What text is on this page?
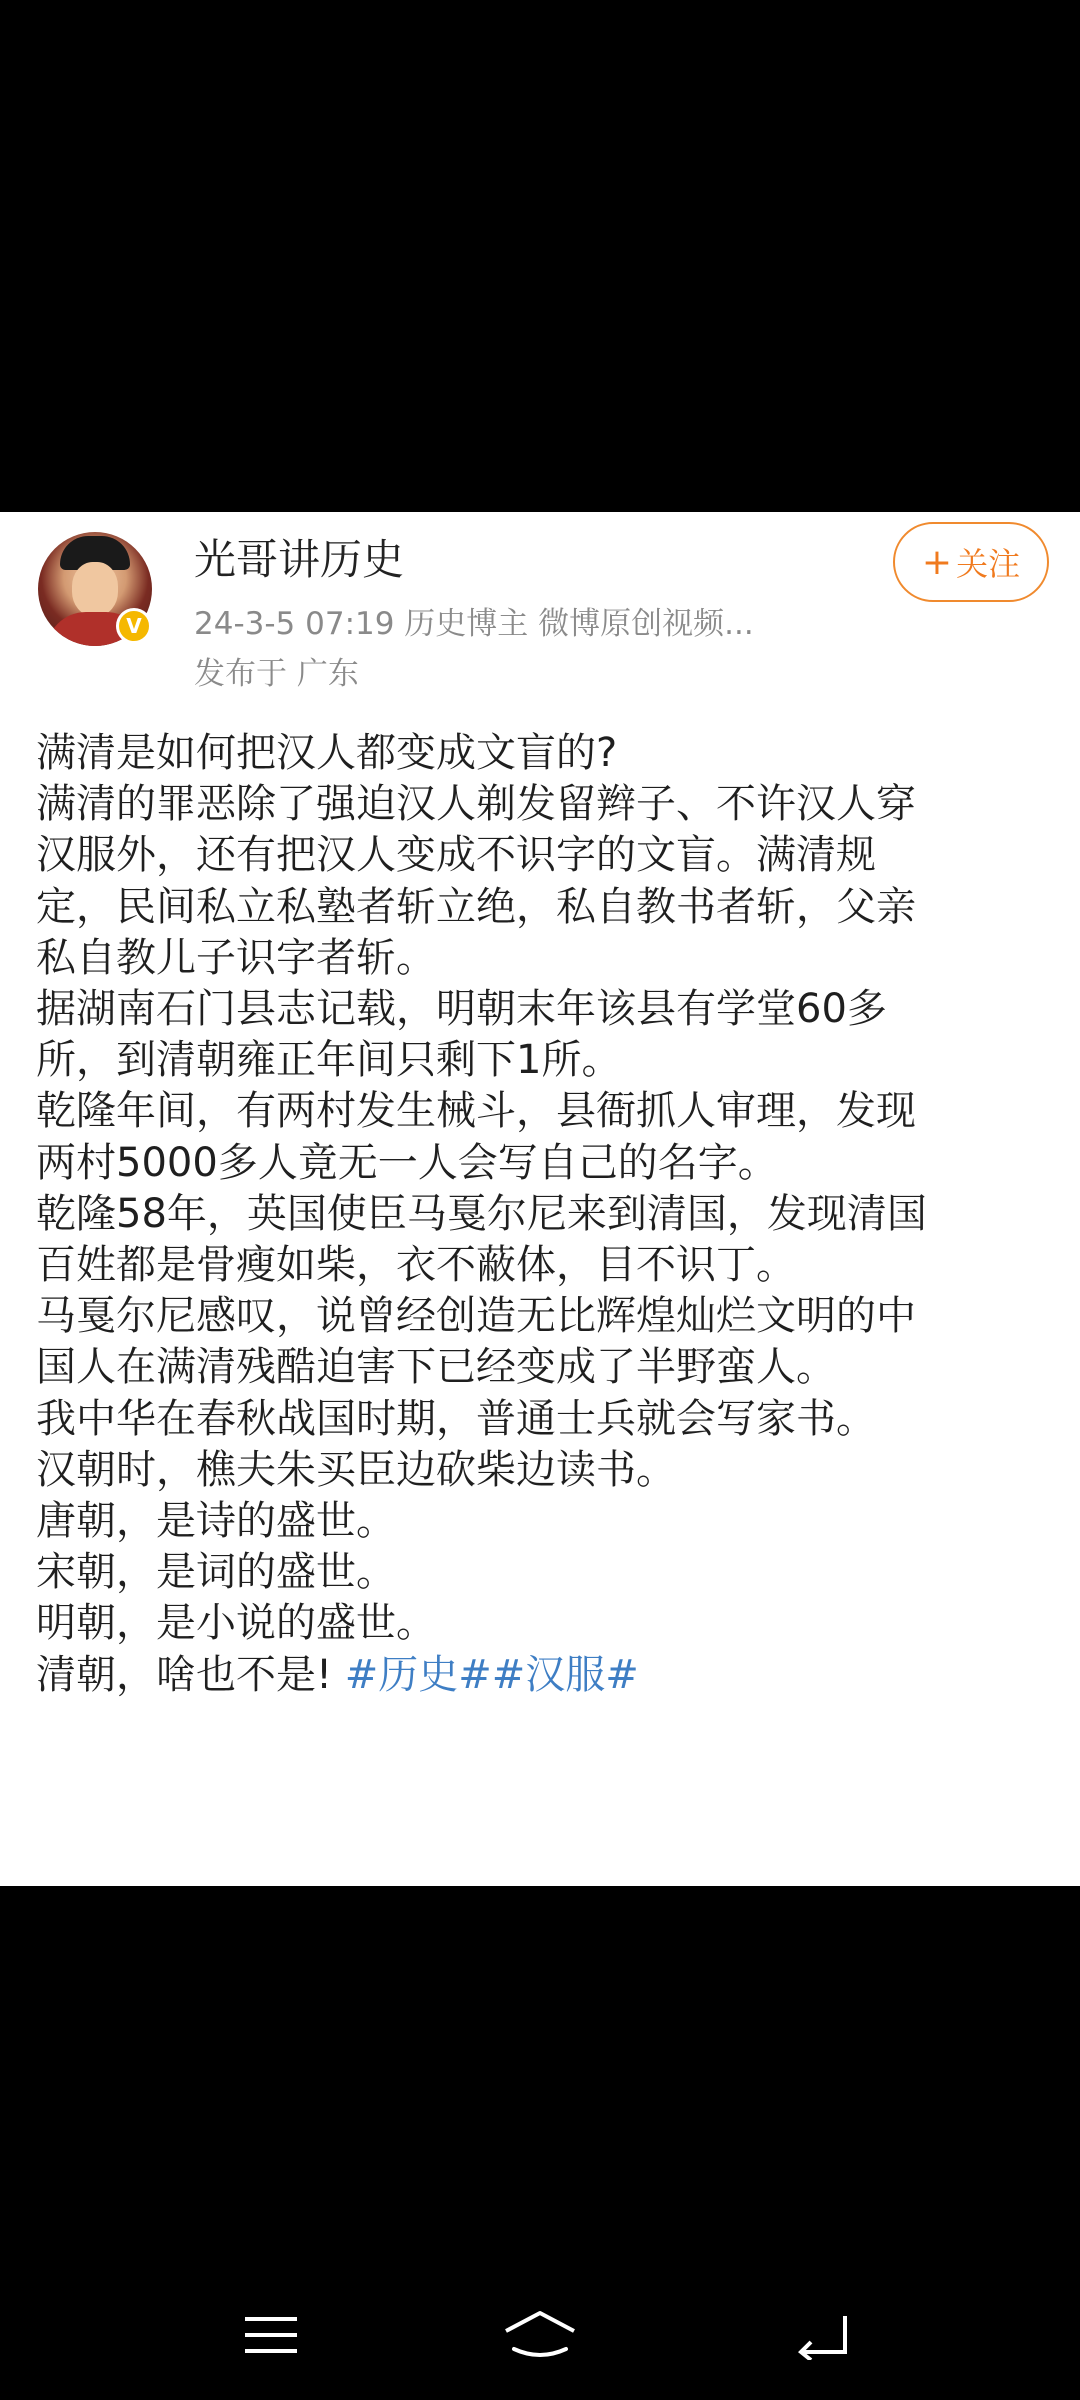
V
光哥讲历史
24-3-5 07:19 历史博主 微博原创视频...
发布于 广东
+ 关注

满清是如何把汉人都变成文盲的?

满清的罪恶除了强迫汉人剃发留辫子、不许汉人穿

汉服外，还有把汉人变成不识字的文盲。满清规

定，民间私立私塾者斩立绝，私自教书者斩，父亲

私自教儿子识字者斩。

据湖南石门县志记载，明朝末年该县有学堂60多

所，到清朝雍正年间只剩下1所。

乾隆年间，有两村发生械斗，县衙抓人审理，发现

两村5000多人竟无一人会写自己的名字。

乾隆58年，英国使臣马戛尔尼来到清国，发现清国

百姓都是骨瘦如柴，衣不蔽体，目不识丁。

马戛尔尼感叹，说曾经创造无比辉煌灿烂文明的中

国人在满清残酷迫害下已经变成了半野蛮人。

我中华在春秋战国时期，普通士兵就会写家书。

汉朝时，樵夫朱买臣边砍柴边读书。

唐朝，是诗的盛世。

宋朝，是词的盛世。

明朝，是小说的盛世。

清朝，啥也不是! #历史##汉服#
